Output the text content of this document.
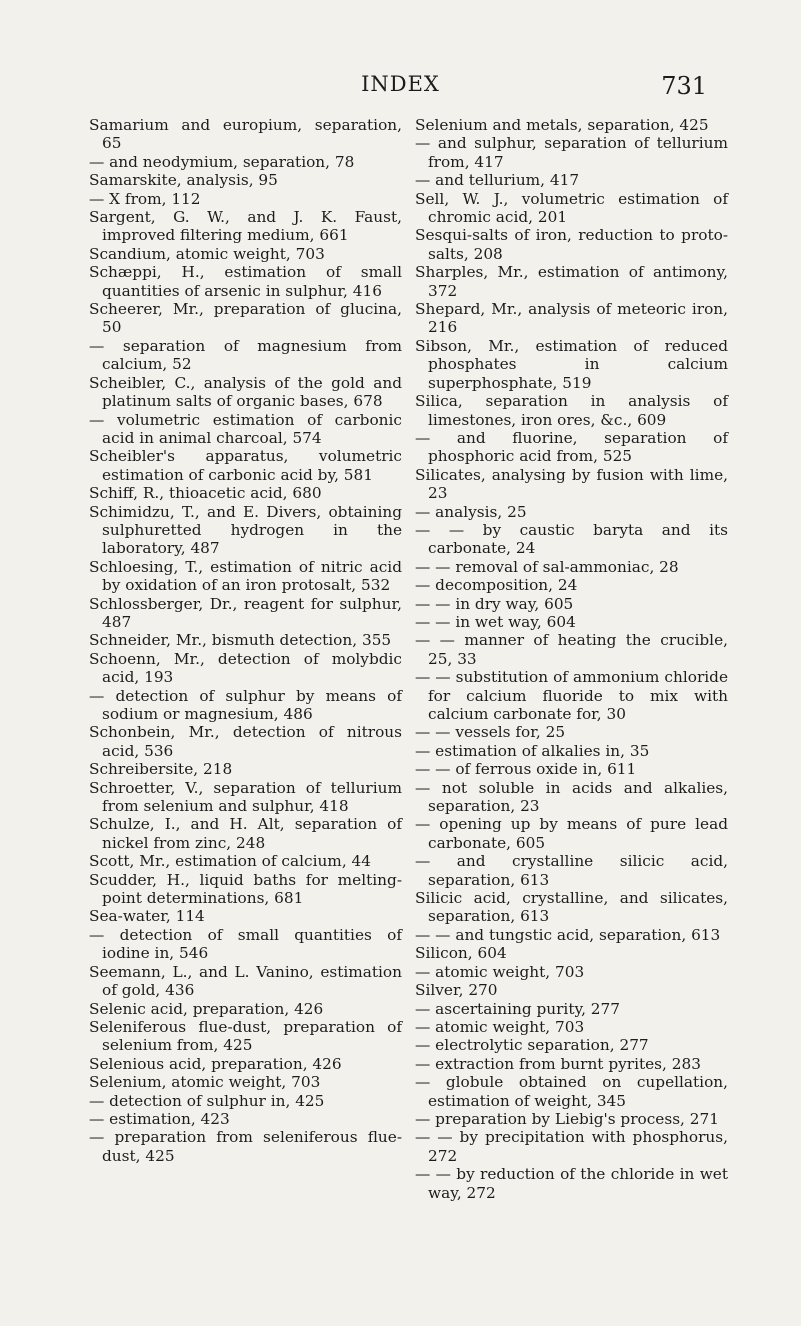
INDEX	731
Samarium and europium, separation, 65
— and neodymium, separation, 78
Samarskite, analysis, 95
— X from, 112
Sargent, G. W., and J. K. Faust, improved filtering medium, 661
Scandium, atomic weight, 703
Schæppi, H., estimation of small quantities of arsenic in sulphur, 416
Scheerer, Mr., preparation of glucina, 50
— separation of magnesium from calcium, 52
Scheibler, C., analysis of the gold and platinum salts of organic bases, 678
— volumetric estimation of carbonic acid in animal charcoal, 574
Scheibler's apparatus, volumetric estimation of carbonic acid by, 581
Schiff, R., thioacetic acid, 680
Schimidzu, T., and E. Divers, obtaining sulphuretted hydrogen in the laboratory, 487
Schloesing, T., estimation of nitric acid by oxidation of an iron protosalt, 532
Schlossberger, Dr., reagent for sulphur, 487
Schneider, Mr., bismuth detection, 355
Schoenn, Mr., detection of molybdic acid, 193
— detection of sulphur by means of sodium or magnesium, 486
Schonbein, Mr., detection of nitrous acid, 536
Schreibersite, 218
Schroetter, V., separation of tellurium from selenium and sulphur, 418
Schulze, I., and H. Alt, separation of nickel from zinc, 248
Scott, Mr., estimation of calcium, 44
Scudder, H., liquid baths for melting-point determinations, 681
Sea-water, 114
— detection of small quantities of iodine in, 546
Seemann, L., and L. Vanino, estimation of gold, 436
Selenic acid, preparation, 426
Seleniferous flue-dust, preparation of selenium from, 425
Selenious acid, preparation, 426
Selenium, atomic weight, 703
— detection of sulphur in, 425
— estimation, 423
— preparation from seleniferous flue-dust, 425
Selenium and metals, separation, 425
— and sulphur, separation of tellurium from, 417
— and tellurium, 417
Sell, W. J., volumetric estimation of chromic acid, 201
Sesqui-salts of iron, reduction to proto-salts, 208
Sharples, Mr., estimation of antimony, 372
Shepard, Mr., analysis of meteoric iron, 216
Sibson, Mr., estimation of reduced phosphates in calcium superphosphate, 519
Silica, separation in analysis of limestones, iron ores, &c., 609
— and fluorine, separation of phosphoric acid from, 525
Silicates, analysing by fusion with lime, 23
— analysis, 25
— — by caustic baryta and its carbonate, 24
— — removal of sal-ammoniac, 28
— decomposition, 24
— — in dry way, 605
— — in wet way, 604
— — manner of heating the crucible, 25, 33
— — substitution of ammonium chloride for calcium fluoride to mix with calcium carbonate for, 30
— — vessels for, 25
— estimation of alkalies in, 35
— — of ferrous oxide in, 611
— not soluble in acids and alkalies, separation, 23
— opening up by means of pure lead carbonate, 605
— and crystalline silicic acid, separation, 613
Silicic acid, crystalline, and silicates, separation, 613
— — and tungstic acid, separation, 613
Silicon, 604
— atomic weight, 703
Silver, 270
— ascertaining purity, 277
— atomic weight, 703
— electrolytic separation, 277
— extraction from burnt pyrites, 283
— globule obtained on cupellation, estimation of weight, 345
— preparation by Liebig's process, 271
— — by precipitation with phosphorus, 272
— — by reduction of the chloride in wet way, 272
